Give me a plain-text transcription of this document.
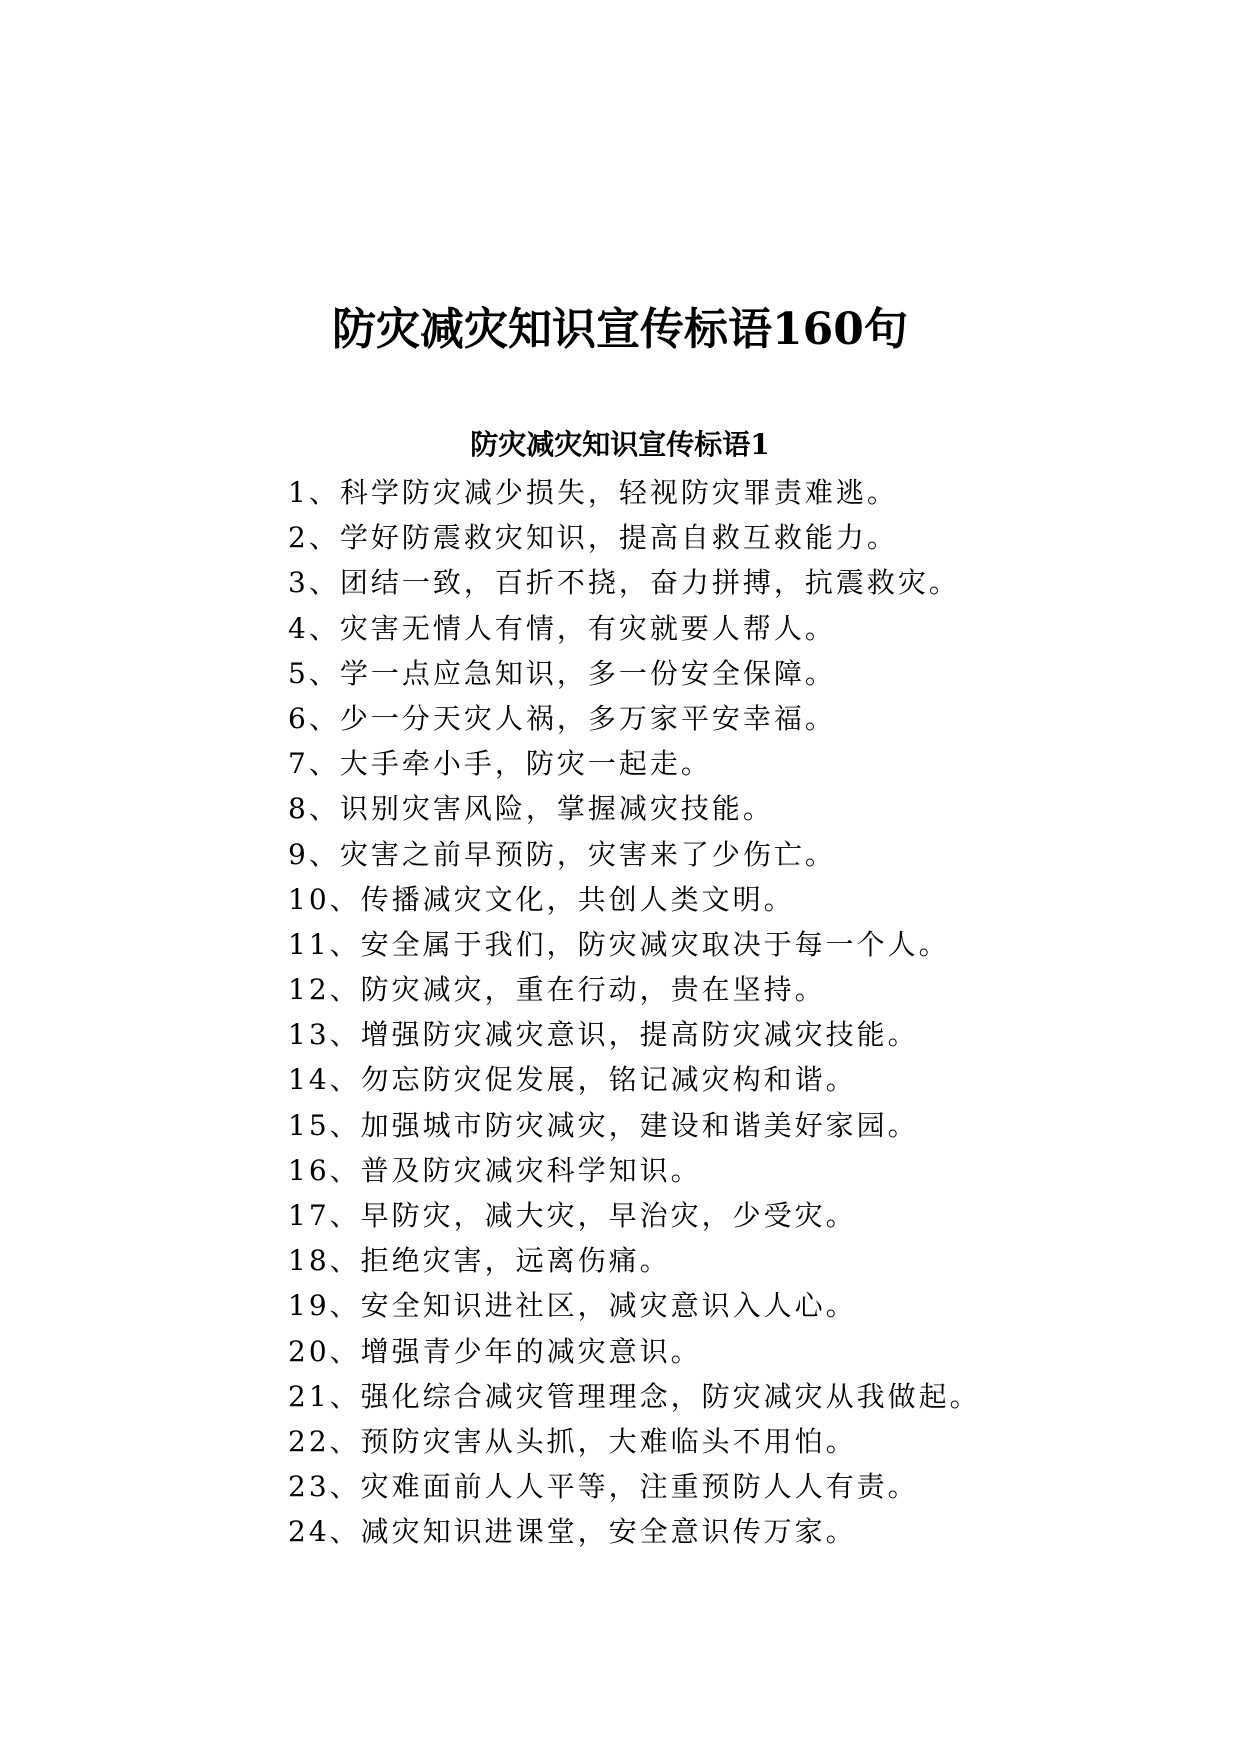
防灾减灾知识宣传标语160句
防灾减灾知识宣传标语1
1、科学防灾减少损失，轻视防灾罪责难逃。
2、学好防震救灾知识，提高自救互救能力。
3、团结一致，百折不挠，奋力拼搏，抗震救灾。
4、灾害无情人有情，有灾就要人帮人。
5、学一点应急知识，多一份安全保障。
6、少一分天灾人祸，多万家平安幸福。
7、大手牵小手，防灾一起走。
8、识别灾害风险，掌握减灾技能。
9、灾害之前早预防，灾害来了少伤亡。
10、传播减灾文化，共创人类文明。
11、安全属于我们，防灾减灾取决于每一个人。
12、防灾减灾，重在行动，贵在坚持。
13、增强防灾减灾意识，提高防灾减灾技能。
14、勿忘防灾促发展，铭记减灾构和谐。
15、加强城市防灾减灾，建设和谐美好家园。
16、普及防灾减灾科学知识。
17、早防灾，减大灾，早治灾，少受灾。
18、拒绝灾害，远离伤痛。
19、安全知识进社区，减灾意识入人心。
20、增强青少年的减灾意识。
21、强化综合减灾管理理念，防灾减灾从我做起。
22、预防灾害从头抓，大难临头不用怕。
23、灾难面前人人平等，注重预防人人有责。
24、减灾知识进课堂，安全意识传万家。
